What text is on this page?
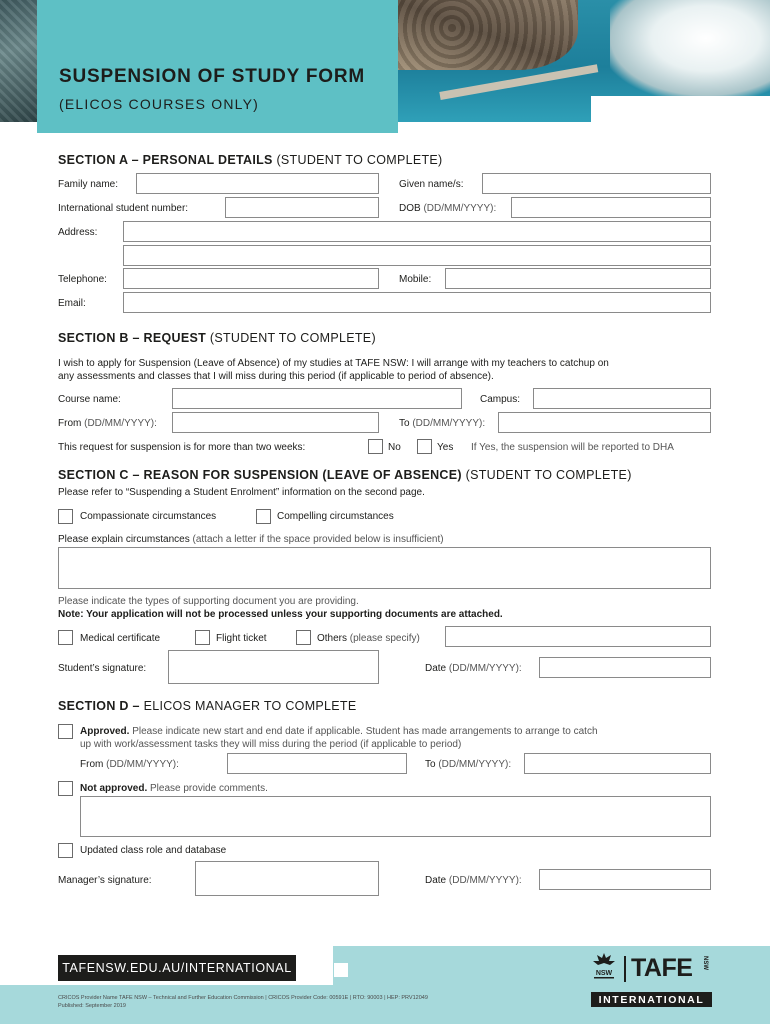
SUSPENSION OF STUDY FORM
(ELICOS COURSES ONLY)
SECTION A – PERSONAL DETAILS (STUDENT TO COMPLETE)
Family name:	Given name/s:
International student number:	DOB (DD/MM/YYYY):
Address:
Telephone:	Mobile:
Email:
SECTION B – REQUEST (STUDENT TO COMPLETE)
I wish to apply for Suspension (Leave of Absence) of my studies at TAFE NSW: I will arrange with my teachers to catchup on
any assessments and classes that I will miss during this period (if applicable to period of absence).
Course name:	Campus:
From (DD/MM/YYYY):	To (DD/MM/YYYY):
This request for suspension is for more than two weeks:	No	Yes If Yes, the suspension will be reported to DHA
SECTION C – REASON FOR SUSPENSION (LEAVE OF ABSENCE) (STUDENT TO COMPLETE)
Please refer to “Suspending a Student Enrolment” information on the second page.
Compassionate circumstances	Compelling circumstances
Please explain circumstances (attach a letter if the space provided below is insufficient)
Please indicate the types of supporting document you are providing.
Note: Your application will not be processed unless your supporting documents are attached.
Medical certificate	Flight ticket	Others (please specify)
Student’s signature:	Date (DD/MM/YYYY):
SECTION D – ELICOS MANAGER TO COMPLETE
Approved. Please indicate new start and end date if applicable. Student has made arrangements to arrange to catch
up with work/assessment tasks they will miss during the period (if applicable to period)
From (DD/MM/YYYY):	To (DD/MM/YYYY):
Not approved. Please provide comments.
Updated class role and database
Manager’s signature:	Date (DD/MM/YYYY):
TAFENSW.EDU.AU/INTERNATIONAL
CRICOS Provider Name TAFE NSW – Technical and Further Education Commission | CRICOS Provider Code: 00591E | RTO: 90003 | HEP: PRV12049
Published: September 2019
NSW TAFE NSW
INTERNATIONAL
